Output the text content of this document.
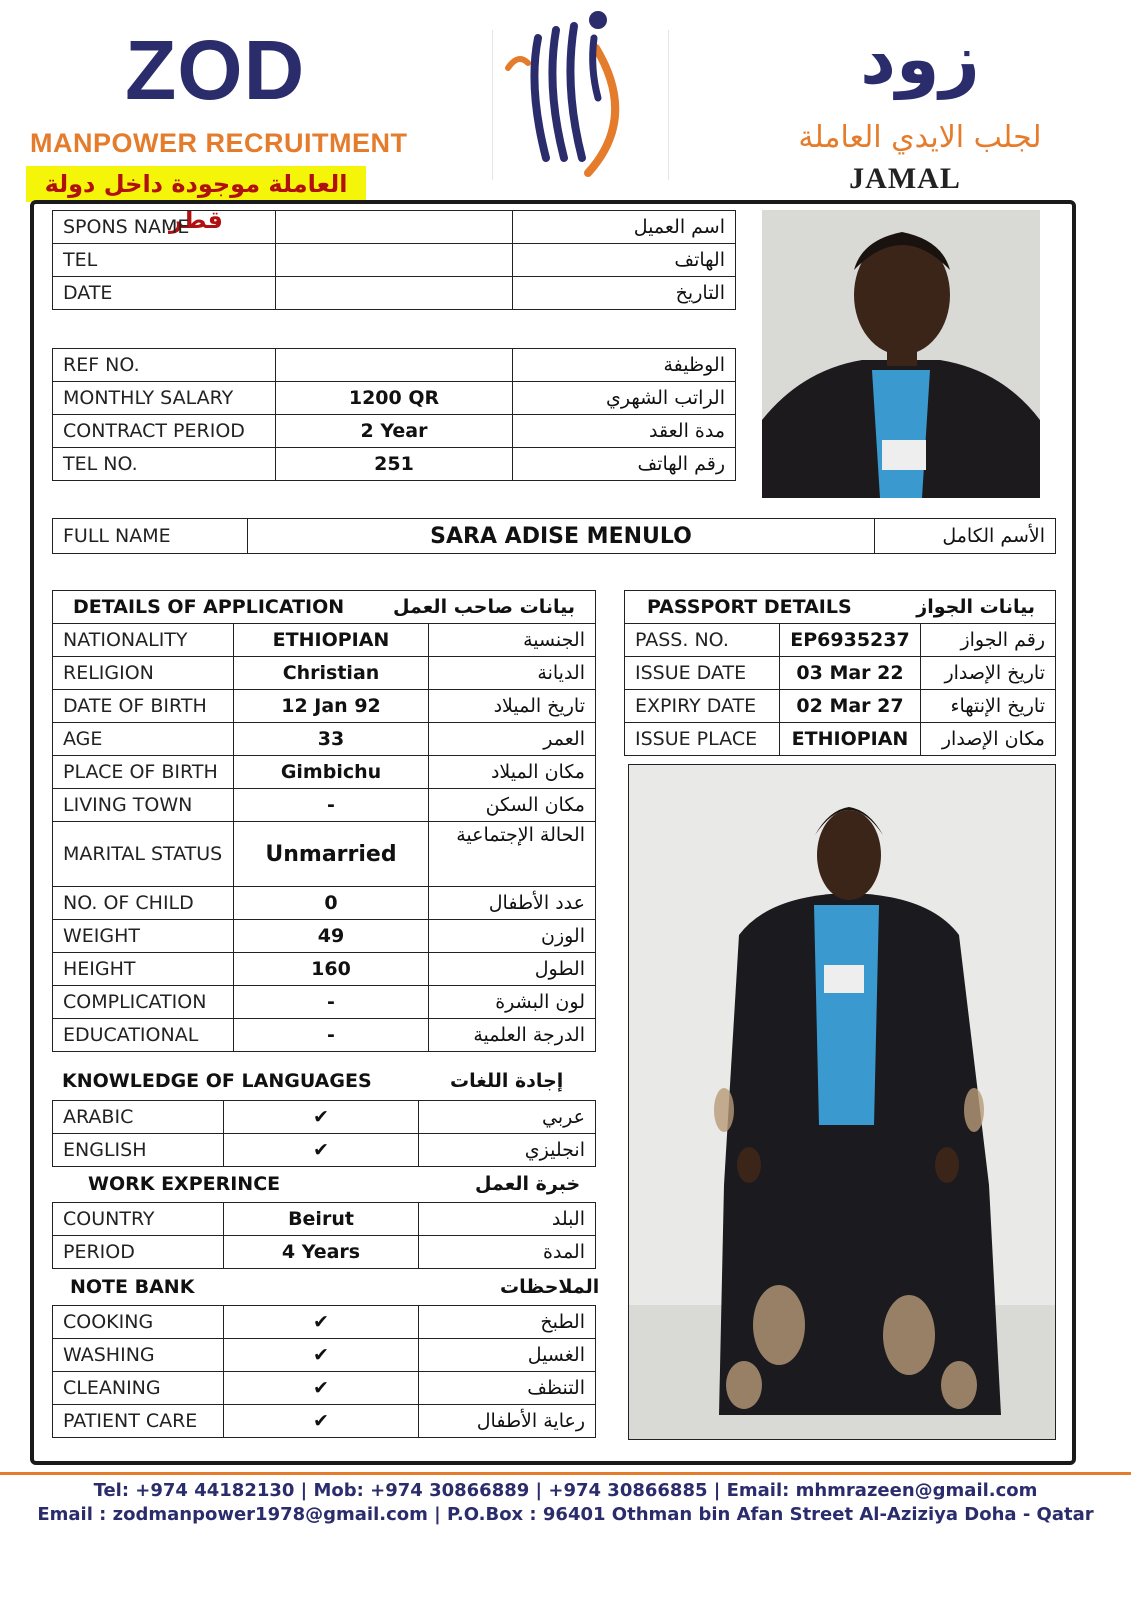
ZOD
MANPOWER RECRUITMENT
العاملة موجودة داخل دولة قطر
زود
لجلب الايدي العاملة
JAMAL
SPONS NAME		اسم العميل
TEL		الهاتف
DATE		التاريخ
REF NO.		الوظيفة
MONTHLY SALARY	1200 QR	الراتب الشهري
CONTRACT PERIOD	2 Year	مدة العقد
TEL NO.	251	رقم الهاتف
FULL NAME	SARA ADISE MENULO	الأسم الكامل
DETAILS OF APPLICATION بيانات صاحب العمل		

NATIONALITY	ETHIOPIAN	الجنسية
RELIGION	Christian	الديانة
DATE OF BIRTH	12 Jan 92	تاريخ الميلاد
AGE	33	العمر
PLACE OF BIRTH	Gimbichu	مكان الميلاد
LIVING TOWN	-	مكان السكن
MARITAL STATUS	Unmarried	الحالة الإجتماعية
NO. OF CHILD	0	عدد الأطفال
WEIGHT	49	الوزن
HEIGHT	160	الطول
COMPLICATION	-	لون البشرة
EDUCATIONAL	-	الدرجة العلمية
KNOWLEDGE OF LANGUAGES	إجادة اللغات
ARABIC	✔	عربي
ENGLISH	✔	انجليزي
WORK EXPERINCE	خبرة العمل
COUNTRY	Beirut	البلد
PERIOD	4 Years	المدة
NOTE BANK	الملاحظات
COOKING	✔	الطبخ
WASHING	✔	الغسيل
CLEANING	✔	التنظف
PATIENT CARE	✔	رعاية الأطفال
PASSPORT DETAILS بيانات الجواز		

PASS. NO.	EP6935237	رقم الجواز
ISSUE DATE	03 Mar 22	تاريخ الإصدار
EXPIRY DATE	02 Mar 27	تاريخ الإنتهاء
ISSUE PLACE	ETHIOPIAN	مكان الإصدار
Tel: +974 44182130 | Mob: +974 30866889 | +974 30866885 | Email: mhmrazeen@gmail.com
Email : zodmanpower1978@gmail.com | P.O.Box : 96401 Othman bin Afan Street Al-Aziziya Doha - Qatar
